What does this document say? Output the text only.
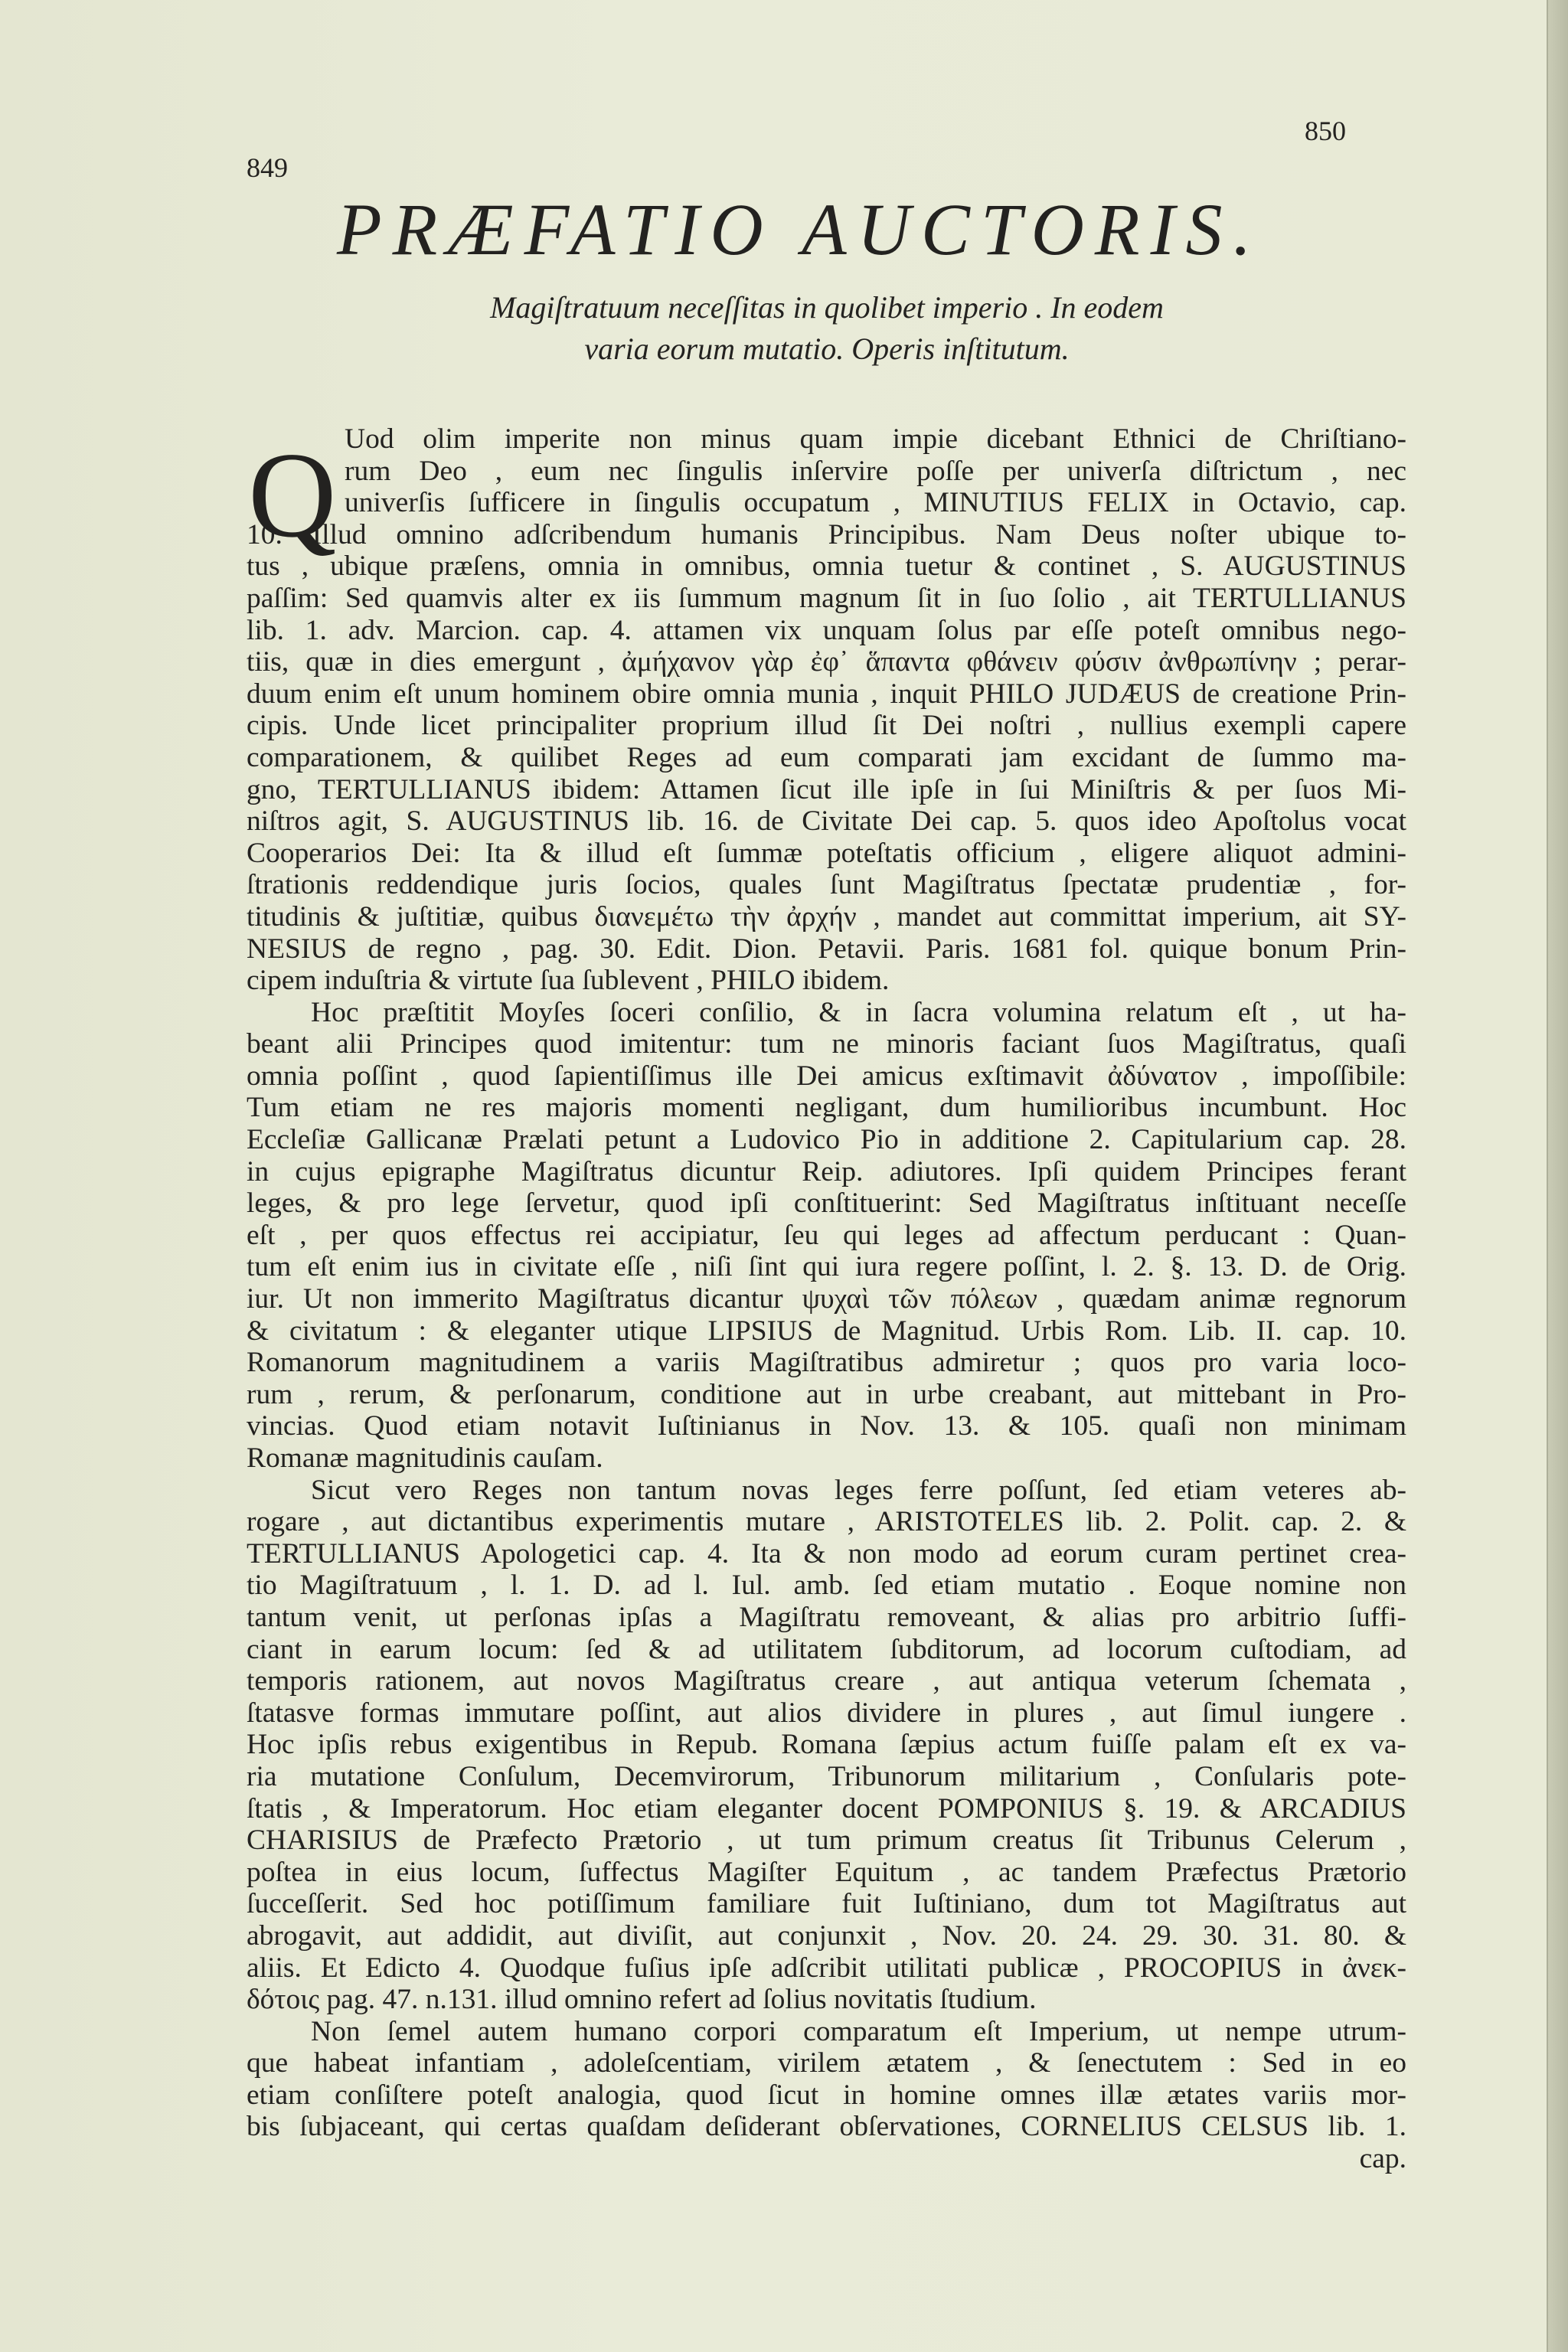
849
850
PRÆFATIO AUCTORIS.
Magiſtratuum neceſſitas in quolibet imperio . In eodem
varia eorum mutatio. Operis inſtitutum.
Q Uod olim imperite non minus quam impie dicebant Ethnici de Chriſtiano-
rum Deo , eum nec ſingulis inſervire poſſe per univerſa diſtrictum , nec
univerſis ſufficere in ſingulis occupatum , MINUTIUS FELIX in Octavio, cap.
10. Illud omnino adſcribendum humanis Principibus. Nam Deus noſter ubique to-
tus , ubique præſens, omnia in omnibus, omnia tuetur & continet , S. AUGUSTINUS
paſſim: Sed quamvis alter ex iis ſummum magnum ſit in ſuo ſolio , ait TERTULLIANUS
lib. 1. adv. Marcion. cap. 4. attamen vix unquam ſolus par eſſe poteſt omnibus nego-
tiis, quæ in dies emergunt , ἀμήχανον γὰρ ἐφ᾽ ἅπαντα φθάνειν φύσιν ἀνθρωπίνην ; perar-
duum enim eſt unum hominem obire omnia munia , inquit PHILO JUDÆUS de creatione Prin-
cipis. Unde licet principaliter proprium illud ſit Dei noſtri , nullius exempli capere
comparationem, & quilibet Reges ad eum comparati jam excidant de ſummo ma-
gno, TERTULLIANUS ibidem: Attamen ſicut ille ipſe in ſui Miniſtris & per ſuos Mi-
niſtros agit, S. AUGUSTINUS lib. 16. de Civitate Dei cap. 5. quos ideo Apoſtolus vocat
Cooperarios Dei: Ita & illud eſt ſummæ poteſtatis officium , eligere aliquot admini-
ſtrationis reddendique juris ſocios, quales ſunt Magiſtratus ſpectatæ prudentiæ , for-
titudinis & juſtitiæ, quibus διανεμέτω τὴν ἀρχήν , mandet aut committat imperium, ait SY-
NESIUS de regno , pag. 30. Edit. Dion. Petavii. Paris. 1681 fol. quique bonum Prin-
cipem induſtria & virtute ſua ſublevent , PHILO ibidem.
Hoc præſtitit Moyſes ſoceri conſilio, & in ſacra volumina relatum eſt , ut ha-
beant alii Principes quod imitentur: tum ne minoris faciant ſuos Magiſtratus, quaſi
omnia poſſint , quod ſapientiſſimus ille Dei amicus exſtimavit ἀδύνατον , impoſſibile:
Tum etiam ne res majoris momenti negligant, dum humilioribus incumbunt. Hoc
Eccleſiæ Gallicanæ Prælati petunt a Ludovico Pio in additione 2. Capitularium cap. 28.
in cujus epigraphe Magiſtratus dicuntur Reip. adiutores. Ipſi quidem Principes ferant
leges, & pro lege ſervetur, quod ipſi conſtituerint: Sed Magiſtratus inſtituant neceſſe
eſt , per quos effectus rei accipiatur, ſeu qui leges ad affectum perducant : Quan-
tum eſt enim ius in civitate eſſe , niſi ſint qui iura regere poſſint, l. 2. §. 13. D. de Orig.
iur. Ut non immerito Magiſtratus dicantur ψυχαὶ τῶν πόλεων , quædam animæ regnorum
& civitatum : & eleganter utique LIPSIUS de Magnitud. Urbis Rom. Lib. II. cap. 10.
Romanorum magnitudinem a variis Magiſtratibus admiretur ; quos pro varia loco-
rum , rerum, & perſonarum, conditione aut in urbe creabant, aut mittebant in Pro-
vincias. Quod etiam notavit Iuſtinianus in Nov. 13. & 105. quaſi non minimam
Romanæ magnitudinis cauſam.
Sicut vero Reges non tantum novas leges ferre poſſunt, ſed etiam veteres ab-
rogare , aut dictantibus experimentis mutare , ARISTOTELES lib. 2. Polit. cap. 2. &
TERTULLIANUS Apologetici cap. 4. Ita & non modo ad eorum curam pertinet crea-
tio Magiſtratuum , l. 1. D. ad l. Iul. amb. ſed etiam mutatio . Eoque nomine non
tantum venit, ut perſonas ipſas a Magiſtratu removeant, & alias pro arbitrio ſuffi-
ciant in earum locum: ſed & ad utilitatem ſubditorum, ad locorum cuſtodiam, ad
temporis rationem, aut novos Magiſtratus creare , aut antiqua veterum ſchemata ,
ſtatasve formas immutare poſſint, aut alios dividere in plures , aut ſimul iungere .
Hoc ipſis rebus exigentibus in Repub. Romana ſæpius actum fuiſſe palam eſt ex va-
ria mutatione Conſulum, Decemvirorum, Tribunorum militarium , Conſularis pote-
ſtatis , & Imperatorum. Hoc etiam eleganter docent POMPONIUS §. 19. & ARCADIUS
CHARISIUS de Præfecto Prætorio , ut tum primum creatus ſit Tribunus Celerum ,
poſtea in eius locum, ſuffectus Magiſter Equitum , ac tandem Præfectus Prætorio
ſucceſſerit. Sed hoc potiſſimum familiare fuit Iuſtiniano, dum tot Magiſtratus aut
abrogavit, aut addidit, aut diviſit, aut conjunxit , Nov. 20. 24. 29. 30. 31. 80. &
aliis. Et Edicto 4. Quodque fuſius ipſe adſcribit utilitati publicæ , PROCOPIUS in ἀνεκ-
δότοις pag. 47. n.131. illud omnino refert ad ſolius novitatis ſtudium.
Non ſemel autem humano corpori comparatum eſt Imperium, ut nempe utrum-
que habeat infantiam , adoleſcentiam, virilem ætatem , & ſenectutem : Sed in eo
etiam conſiſtere poteſt analogia, quod ſicut in homine omnes illæ ætates variis mor-
bis ſubjaceant, qui certas quaſdam deſiderant obſervationes, CORNELIUS CELSUS lib. 1.
cap.
